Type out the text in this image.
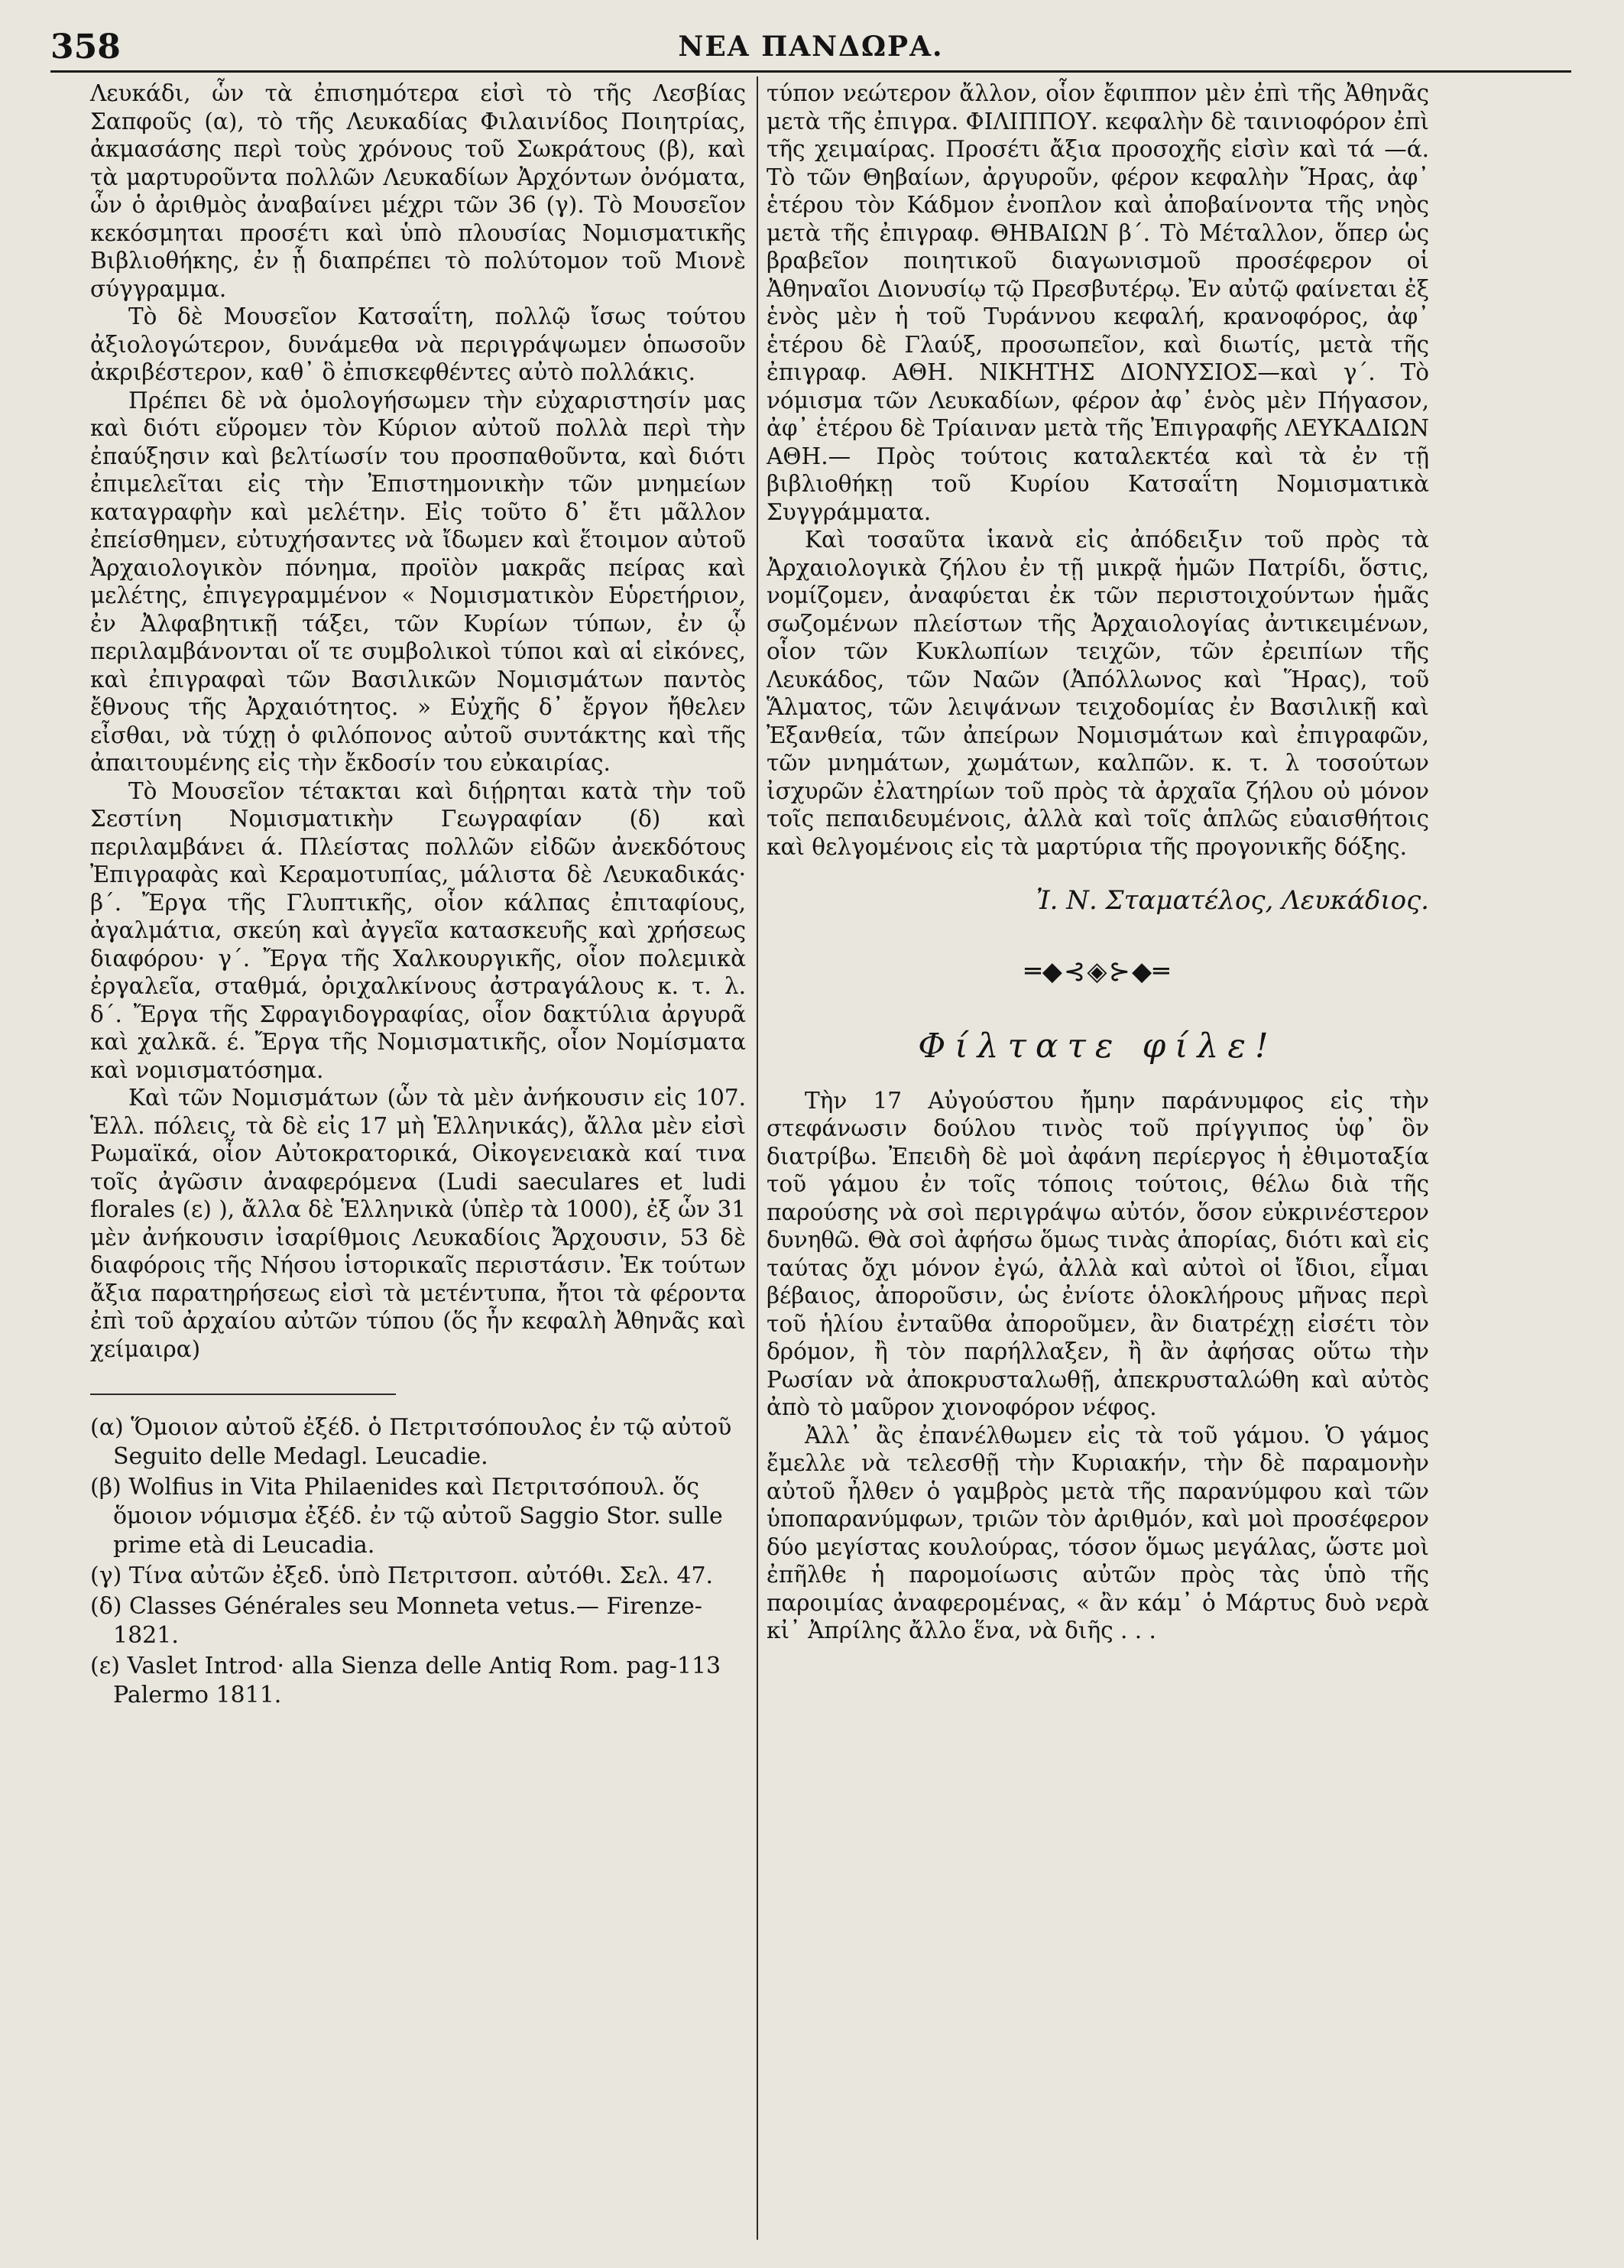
358	ΝΕΑ ΠΑΝΔΩΡΑ.

Λευκάδι, ὧν τὰ ἐπισημότερα εἰσὶ τὸ τῆς Λεσβίας Σαπφοῦς (α), τὸ τῆς Λευκαδίας Φιλαινίδος Ποιητρίας, ἀκμασάσης περὶ τοὺς χρόνους τοῦ Σωκράτους (β), καὶ τὰ μαρτυροῦντα πολλῶν Λευκαδίων Ἀρχόντων ὀνόματα, ὧν ὁ ἀριθμὸς ἀναβαίνει μέχρι τῶν 36 (γ). Τὸ Μουσεῖον κεκόσμηται προσέτι καὶ ὑπὸ πλουσίας Νομισματικῆς Βιβλιοθήκης, ἐν ᾗ διαπρέπει τὸ πολύτομον τοῦ Μιονὲ σύγγραμμα.

Τὸ δὲ Μουσεῖον Κατσαΐτη, πολλῷ ἴσως τούτου ἀξιολογώτερον, δυνάμεθα νὰ περιγράψωμεν ὁπωσοῦν ἀκριβέστερον, καθ᾽ ὃ ἐπισκεφθέντες αὐτὸ πολλάκις.

Πρέπει δὲ νὰ ὁμολογήσωμεν τὴν εὐχαριστησίν μας καὶ διότι εὕρομεν τὸν Κύριον αὐτοῦ πολλὰ περὶ τὴν ἐπαύξησιν καὶ βελτίωσίν του προσπαθοῦντα, καὶ διότι ἐπιμελεῖται εἰς τὴν Ἐπιστημονικὴν τῶν μνημείων καταγραφὴν καὶ μελέτην. Εἰς τοῦτο δ᾽ ἔτι μᾶλλον ἐπείσθημεν, εὐτυχήσαντες νὰ ἴδωμεν καὶ ἕτοιμον αὐτοῦ Ἀρχαιολογικὸν πόνημα, προϊὸν μακρᾶς πείρας καὶ μελέτης, ἐπιγεγραμμένον « Νομισματικὸν Εὑρετήριον, ἐν Ἀλφαβητικῇ τάξει, τῶν Κυρίων τύπων, ἐν ᾧ περιλαμβάνονται οἵ τε συμβολικοὶ τύποι καὶ αἱ εἰκόνες, καὶ ἐπιγραφαὶ τῶν Βασιλικῶν Νομισμάτων παντὸς ἔθνους τῆς Ἀρχαιότητος. » Εὐχῆς δ᾽ ἔργον ἤθελεν εἶσθαι, νὰ τύχῃ ὁ φιλόπονος αὐτοῦ συντάκτης καὶ τῆς ἀπαιτουμένης εἰς τὴν ἔκδοσίν του εὐκαιρίας.

Τὸ Μουσεῖον τέτακται καὶ διῄρηται κατὰ τὴν τοῦ Σεστίνη Νομισματικὴν Γεωγραφίαν (δ) καὶ περιλαμβάνει ά. Πλείστας πολλῶν εἰδῶν ἀνεκδότους Ἐπιγραφὰς καὶ Κεραμοτυπίας, μάλιστα δὲ Λευκαδικάς· β΄. Ἔργα τῆς Γλυπτικῆς, οἷον κάλπας ἐπιταφίους, ἀγαλμάτια, σκεύη καὶ ἀγγεῖα κατασκευῆς καὶ χρήσεως διαφόρου· γ΄. Ἔργα τῆς Χαλκουργικῆς, οἷον πολεμικὰ ἐργαλεῖα, σταθμά, ὀριχαλκίνους ἀστραγάλους κ. τ. λ. δ΄. Ἔργα τῆς Σφραγιδογραφίας, οἷον δακτύλια ἀργυρᾶ καὶ χαλκᾶ. έ. Ἔργα τῆς Νομισματικῆς, οἷον Νομίσματα καὶ νομισματόσημα.

Καὶ τῶν Νομισμάτων (ὧν τὰ μὲν ἀνήκουσιν εἰς 107. Ἑλλ. πόλεις, τὰ δὲ εἰς 17 μὴ Ἑλληνικάς), ἄλλα μὲν εἰσὶ Ρωμαϊκά, οἷον Αὐτοκρατορικά, Οἰκογενειακὰ καί τινα τοῖς ἀγῶσιν ἀναφερόμενα (Ludi saeculares et ludi florales (ε) ), ἄλλα δὲ Ἑλληνικὰ (ὑπὲρ τὰ 1000), ἐξ ὧν 31 μὲν ἀνήκουσιν ἰσαρίθμοις Λευκαδίοις Ἄρχουσιν, 53 δὲ διαφόροις τῆς Νήσου ἱστορικαῖς περιστάσιν. Ἐκ τούτων ἄξια παρατηρήσεως εἰσὶ τὰ μετέντυπα, ἤτοι τὰ φέροντα ἐπὶ τοῦ ἀρχαίου αὐτῶν τύπου (ὅς ἦν κεφαλὴ Ἀθηνᾶς καὶ χείμαιρα)

(α) Ὅμοιον αὐτοῦ ἐξέδ. ὁ Πετριτσόπουλος ἐν τῷ αὐτοῦ Seguito delle Medagl. Leucadie.

(β) Wolfius in Vita Philaenides καὶ Πετριτσόπουλ. ὅς ὅμοιον νόμισμα ἐξέδ. ἐν τῷ αὐτοῦ Saggio Stor. sulle prime età di Leucadia.

(γ) Τίνα αὐτῶν ἐξεδ. ὑπὸ Πετριτσοπ. αὐτόθι. Σελ. 47.

(δ) Classes Générales seu Monneta vetus.— Firenze-1821.

(ε) Vaslet Introd· alla Sienza delle Antiq Rom. pag-113 Palermo 1811.

τύπον νεώτερον ἄλλον, οἷον ἔφιππον μὲν ἐπὶ τῆς Ἀθηνᾶς μετὰ τῆς ἐπιγρα. ΦΙΛΙΠΠΟΥ. κεφαλὴν δὲ ταινιοφόρον ἐπὶ τῆς χειμαίρας. Προσέτι ἄξια προσοχῆς εἰσὶν καὶ τά —ά. Τὸ τῶν Θηβαίων, ἀργυροῦν, φέρον κεφαλὴν Ἥρας, ἀφ᾽ ἑτέρου τὸν Κάδμον ἐνοπλον καὶ ἀποβαίνοντα τῆς νηὸς μετὰ τῆς ἐπιγραφ. ΘΗΒΑΙΩΝ β΄. Τὸ Μέταλλον, ὅπερ ὡς βραβεῖον ποιητικοῦ διαγωνισμοῦ προσέφερον οἱ Ἀθηναῖοι Διονυσίῳ τῷ Πρεσβυτέρῳ. Ἐν αὐτῷ φαίνεται ἐξ ἑνὸς μὲν ἡ τοῦ Τυράννου κεφαλή, κρανοφόρος, ἀφ᾽ ἑτέρου δὲ Γλαύξ, προσωπεῖον, καὶ διωτίς, μετὰ τῆς ἐπιγραφ. ΑΘΗ. ΝΙΚΗΤΗΣ ΔΙΟΝΥΣΙΟΣ—καὶ γ΄. Τὸ νόμισμα τῶν Λευκαδίων, φέρον ἀφ᾽ ἑνὸς μὲν Πήγασον, ἀφ᾽ ἑτέρου δὲ Τρίαιναν μετὰ τῆς Ἐπιγραφῆς ΛΕΥΚΑΔΙΩΝ ΑΘΗ.— Πρὸς τούτοις καταλεκτέα καὶ τὰ ἐν τῇ βιβλιοθήκῃ τοῦ Κυρίου Κατσαΐτη Νομισματικὰ Συγγράμματα.

Καὶ τοσαῦτα ἱκανὰ εἰς ἀπόδειξιν τοῦ πρὸς τὰ Ἀρχαιολογικὰ ζήλου ἐν τῇ μικρᾷ ἡμῶν Πατρίδι, ὅστις, νομίζομεν, ἀναφύεται ἐκ τῶν περιστοιχούντων ἡμᾶς σωζομένων πλείστων τῆς Ἀρχαιολογίας ἀντικειμένων, οἷον τῶν Κυκλωπίων τειχῶν, τῶν ἐρειπίων τῆς Λευκάδος, τῶν Ναῶν (Ἀπόλλωνος καὶ Ἥρας), τοῦ Ἅλματος, τῶν λειψάνων τειχοδομίας ἐν Βασιλικῇ καὶ Ἐξανθεία, τῶν ἀπείρων Νομισμάτων καὶ ἐπιγραφῶν, τῶν μνημάτων, χωμάτων, καλπῶν. κ. τ. λ τοσούτων ἰσχυρῶν ἐλατηρίων τοῦ πρὸς τὰ ἀρχαῖα ζήλου οὐ μόνον τοῖς πεπαιδευμένοις, ἀλλὰ καὶ τοῖς ἁπλῶς εὐαισθήτοις καὶ θελγομένοις εἰς τὰ μαρτύρια τῆς προγονικῆς δόξης.

Ἰ. Ν. Σταματέλος, Λευκάδιος.
═◆⊰◈⊱◆═
Φίλτατε φίλε!

Τὴν 17 Αὐγούστου ἤμην παράνυμφος εἰς τὴν στεφάνωσιν δούλου τινὸς τοῦ πρίγγιπος ὑφ᾽ ὃν διατρίβω. Ἐπειδὴ δὲ μοὶ ἀφάνη περίεργος ἡ ἐθιμοταξία τοῦ γάμου ἐν τοῖς τόποις τούτοις, θέλω διὰ τῆς παρούσης νὰ σοὶ περιγράψω αὐτόν, ὅσον εὐκρινέστερον δυνηθῶ. Θὰ σοὶ ἀφήσω ὅμως τινὰς ἀπορίας, διότι καὶ εἰς ταύτας ὄχι μόνον ἐγώ, ἀλλὰ καὶ αὐτοὶ οἱ ἴδιοι, εἶμαι βέβαιος, ἀποροῦσιν, ὡς ἐνίοτε ὁλοκλήρους μῆνας περὶ τοῦ ἡλίου ἐνταῦθα ἀποροῦμεν, ἂν διατρέχῃ εἰσέτι τὸν δρόμον, ἢ τὸν παρήλλαξεν, ἢ ἂν ἀφήσας οὕτω τὴν Ρωσίαν νὰ ἀποκρυσταλωθῇ, ἀπεκρυσταλώθη καὶ αὐτὸς ἀπὸ τὸ μαῦρον χιονοφόρον νέφος.

Ἀλλ᾽ ἂς ἐπανέλθωμεν εἰς τὰ τοῦ γάμου. Ὁ γάμος ἔμελλε νὰ τελεσθῇ τὴν Κυριακήν, τὴν δὲ παραμονὴν αὐτοῦ ἦλθεν ὁ γαμβρὸς μετὰ τῆς παρανύμφου καὶ τῶν ὑποπαρανύμφων, τριῶν τὸν ἀριθμόν, καὶ μοὶ προσέφερον δύο μεγίστας κουλούρας, τόσον ὅμως μεγάλας, ὥστε μοὶ ἐπῆλθε ἡ παρομοίωσις αὐτῶν πρὸς τὰς ὑπὸ τῆς παροιμίας ἀναφερομένας, « ἂν κάμ᾽ ὁ Μάρτυς δυὸ νερὰ κἰ᾽ Ἀπρίλης ἄλλο ἕνα, νὰ διῆς . . .
